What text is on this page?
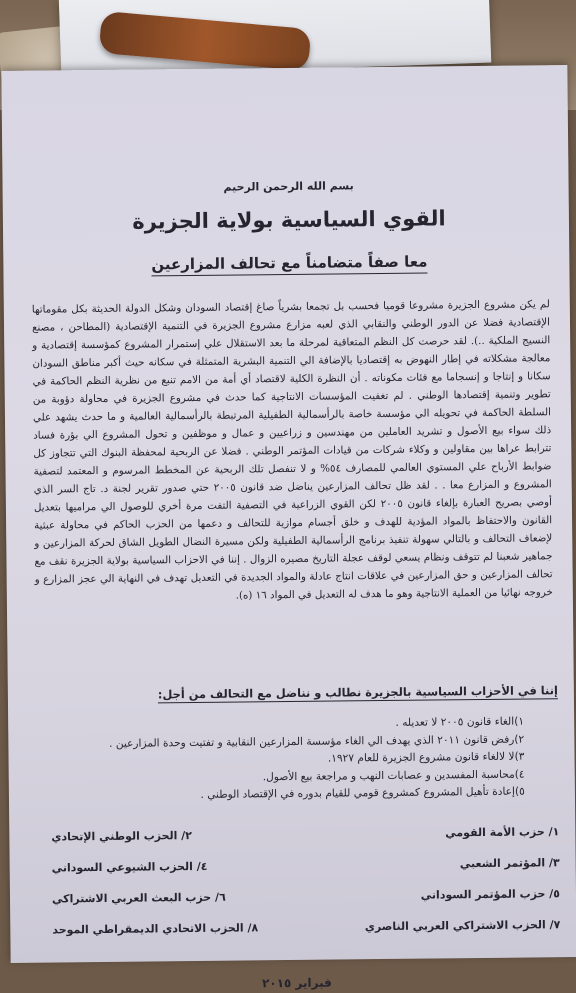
بسم الله الرحمن الرحيم
القوي السياسية بولاية الجزيرة
معا صفاً متضامناً مع تحالف المزارعين

لم يكن مشروع الجزيرة مشروعا قوميا فحسب بل تجمعا بشرياً صاغ إقتصاد السودان وشكل الدولة الحديثة بكل مقوماتها الإقتصادية فضلا عن الدور الوطني والنقابي الذي لعبه مزارع مشروع الجزيرة في التنمية الإقتصادية (المطاحن ، مصنع النسيج الملكية ..). لقد حرصت كل النظم المتعاقبة لمرحلة ما بعد الاستقلال علي إستمرار المشروع كمؤسسة إقتصادية و معالجة مشكلاته في إطار النهوض به إقتصاديا بالإضافة الي التنمية البشرية المتمثلة في سكانه حيث أكبر مناطق السودان سكانا و إنتاجا و إنسجاما مع فئات مكوناته . أن النظرة الكلية لاقتصاد أي أمة من الامم تنبع من نظرية النظم الحاكمة في تطوير وتنمية إقتصادها الوطني . لم تغفيت المؤسسات الانتاجية كما حدث في مشروع الجزيرة في محاولة دؤوبة من السلطة الحاكمة في تحويله الي مؤسسة خاصة بالرأسمالية الطفيلية المرتبطة بالرأسمالية العالمية و ما حدث يشهد علي ذلك سواء بيع الأصول و تشريد العاملين من مهندسين و زراعيين و عمال و موظفين و تحول المشروع الي بؤرة فساد تترابط عراها بين مقاولين و وكلاء شركات من قيادات المؤتمر الوطني . فضلا عن الربحية لمحفظة البنوك التي تتجاوز كل ضوابط الأرباح علي المستوي العالمي للمصارف ٥٤% و لا تنفصل تلك الربحية عن المخطط المرسوم و المعتمد لتصفية المشروع و المزارع معا . . لقد ظل تحالف المزارعين يناضل ضد قانون ٢٠٠٥ حتي صدور تقرير لجنة د. تاج السر الذي أوصي بصريح العبارة بإلغاء قانون ٢٠٠٥ لكن القوي الزراعية في التصفية التفت مرة أخري للوصول الي مراميها بتعديل القانون والاحتفاظ بالمواد المؤدية للهدف و خلق أجسام موازية للتحالف و دعمها من الحزب الحاكم في محاولة عبثية لإضعاف التحالف و بالتالي سهولة تنفيذ برنامج الرأسمالية الطفيلية ولكن مسيرة النضال الطويل الشاق لحركة المزارعين و جماهير شعبنا لم تتوقف ونظام يسعي لوقف عجلة التاريخ مصيره الزوال . إننا في الاحزاب السياسية بولاية الجزيرة نقف مع تحالف المزارعين و حق المزارعين في علاقات انتاج عادلة والمواد الجديدة في التعديل تهدف في النهاية الي عجز المزارع و خروجه نهائيا من العملية الانتاجية وهو ما هدف له التعديل في المواد ١٦ (ه).

إننا في الأحزاب السياسية بالجزيرة نطالب و نناضل مع التحالف من أجل:
١)
الغاء قانون ٢٠٠٥ لا تعديله .
٢)
رفض قانون ٢٠١١ الذي يهدف الي الغاء مؤسسة المزارعين النقابية و تفتيت وحدة المزارعين .
٣)
لا لالغاء قانون مشروع الجزيرة للعام ١٩٢٧.
٤)
محاسبة المفسدين و عصابات النهب و مراجعة بيع الأصول.
٥)
إعادة تأهيل المشروع كمشروع قومي للقيام بدوره في الإقتصاد الوطني .
١/ حزب الأمة القومي
٢/ الحزب الوطني الإتحادي
٣/ المؤتمر الشعبي
٤/ الحزب الشيوعي السوداني
٥/ حزب المؤتمر السوداني
٦/ حزب البعث العربي الاشتراكي
٧/ الحزب الاشتراكي العربي الناصري
٨/ الحزب الاتحادي الديمقراطي الموحد
فبراير ٢٠١٥
